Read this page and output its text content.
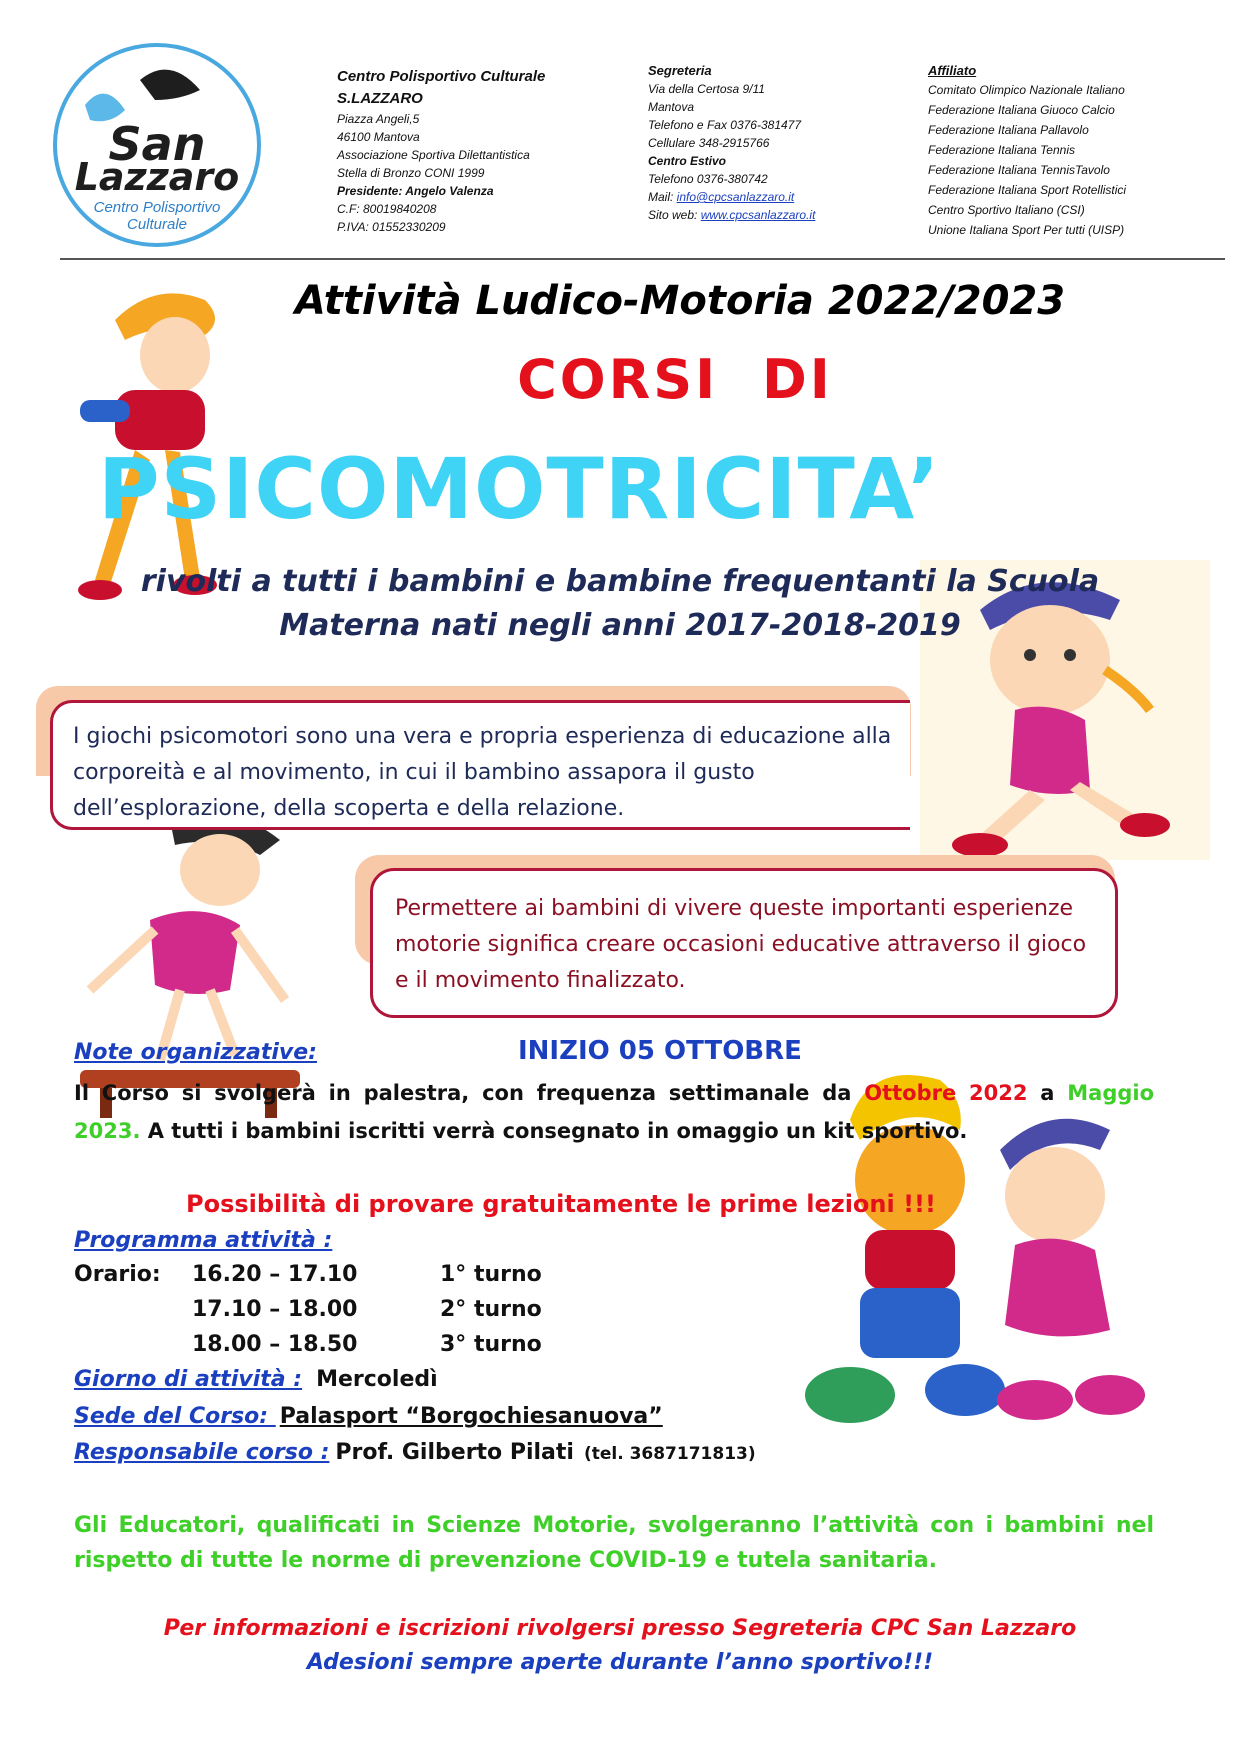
San
Lazzaro
Centro Polisportivo
Culturale
Centro Polisportivo Culturale
S.LAZZARO
Piazza Angeli,5
46100 Mantova
Associazione Sportiva Dilettantistica
Stella di Bronzo CONI 1999
Presidente: Angelo Valenza
C.F: 80019840208
P.IVA: 01552330209
Segreteria
Via della Certosa 9/11
Mantova
Telefono e Fax 0376-381477
Cellulare 348-2915766
Centro Estivo
Telefono 0376-380742
Mail: info@cpcsanlazzaro.it
Sito web: www.cpcsanlazzaro.it
Affiliato
Comitato Olimpico Nazionale Italiano
Federazione Italiana Giuoco Calcio
Federazione Italiana Pallavolo
Federazione Italiana Tennis
Federazione Italiana TennisTavolo
Federazione Italiana Sport Rotellistici
Centro Sportivo Italiano (CSI)
Unione Italiana Sport Per tutti (UISP)
Attività Ludico-Motoria 2022/2023
CORSI DI
PSICOMOTRICITA’
rivolti a tutti i bambini e bambine frequentanti la Scuola
Materna nati negli anni 2017-2018-2019

I giochi psicomotori sono una vera e propria esperienza di educazione alla corporeità e al movimento, in cui il bambino assapora il gusto dell’esplorazione, della scoperta e della relazione.

Permettere ai bambini di vivere queste importanti esperienze motorie significa creare occasioni educative attraverso il gioco e il movimento finalizzato.

Note organizzative:	INIZIO 05 OTTOBRE
Il Corso si svolgerà in palestra, con frequenza settimanale da Ottobre 2022 a Maggio 2023. A tutti i bambini iscritti verrà consegnato in omaggio un kit sportivo.
Possibilità di provare gratuitamente le prime lezioni !!!
Programma attività :
Orario: 16.20 – 17.10	1° turno
17.10 – 18.00	2° turno
18.00 – 18.50	3° turno
Giorno di attività : Mercoledì
Sede del Corso: Palasport “Borgochiesanuova”
Responsabile corso : Prof. Gilberto Pilati (tel. 3687171813)
Gli Educatori, qualificati in Scienze Motorie, svolgeranno l’attività con i bambini nel rispetto di tutte le norme di prevenzione COVID-19 e tutela sanitaria.
Per informazioni e iscrizioni rivolgersi presso Segreteria CPC San Lazzaro
Adesioni sempre aperte durante l’anno sportivo!!!
